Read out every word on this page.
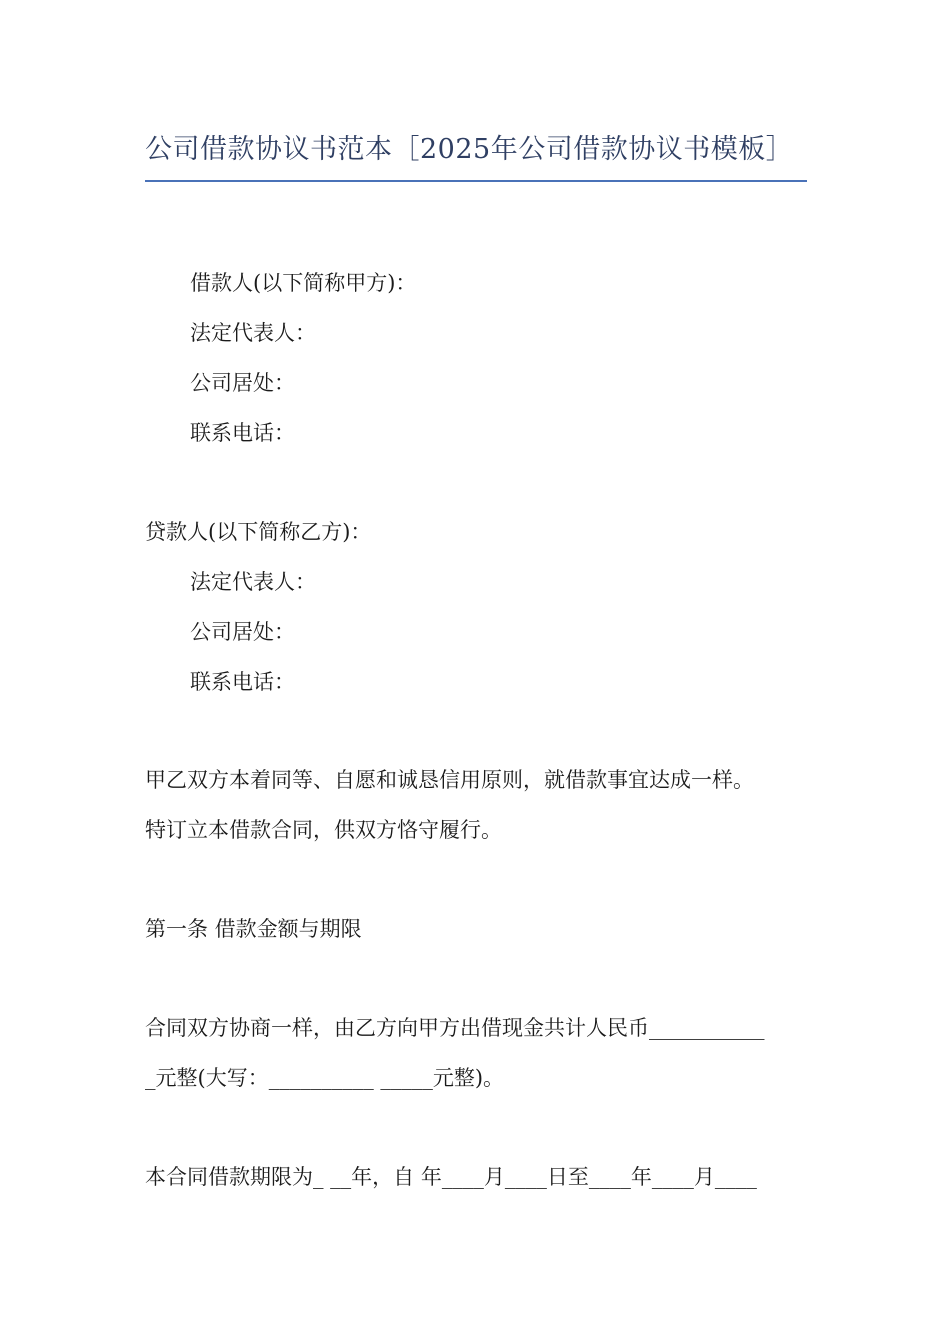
公司借款协议书范本［2025年公司借款协议书模板］
借款人(以下简称甲方)：
法定代表人：
公司居处：
联系电话：
贷款人(以下简称乙方)：
法定代表人：
公司居处：
联系电话：
甲乙双方本着同等、自愿和诚恳信用原则，就借款事宜达成一样。
特订立本借款合同，供双方恪守履行。
第一条 借款金额与期限
合同双方协商一样，由乙方向甲方出借现金共计人民币___________
_元整(大写：__________ _____元整)。
本合同借款期限为_ __年，自 年____月____日至____年____月____
